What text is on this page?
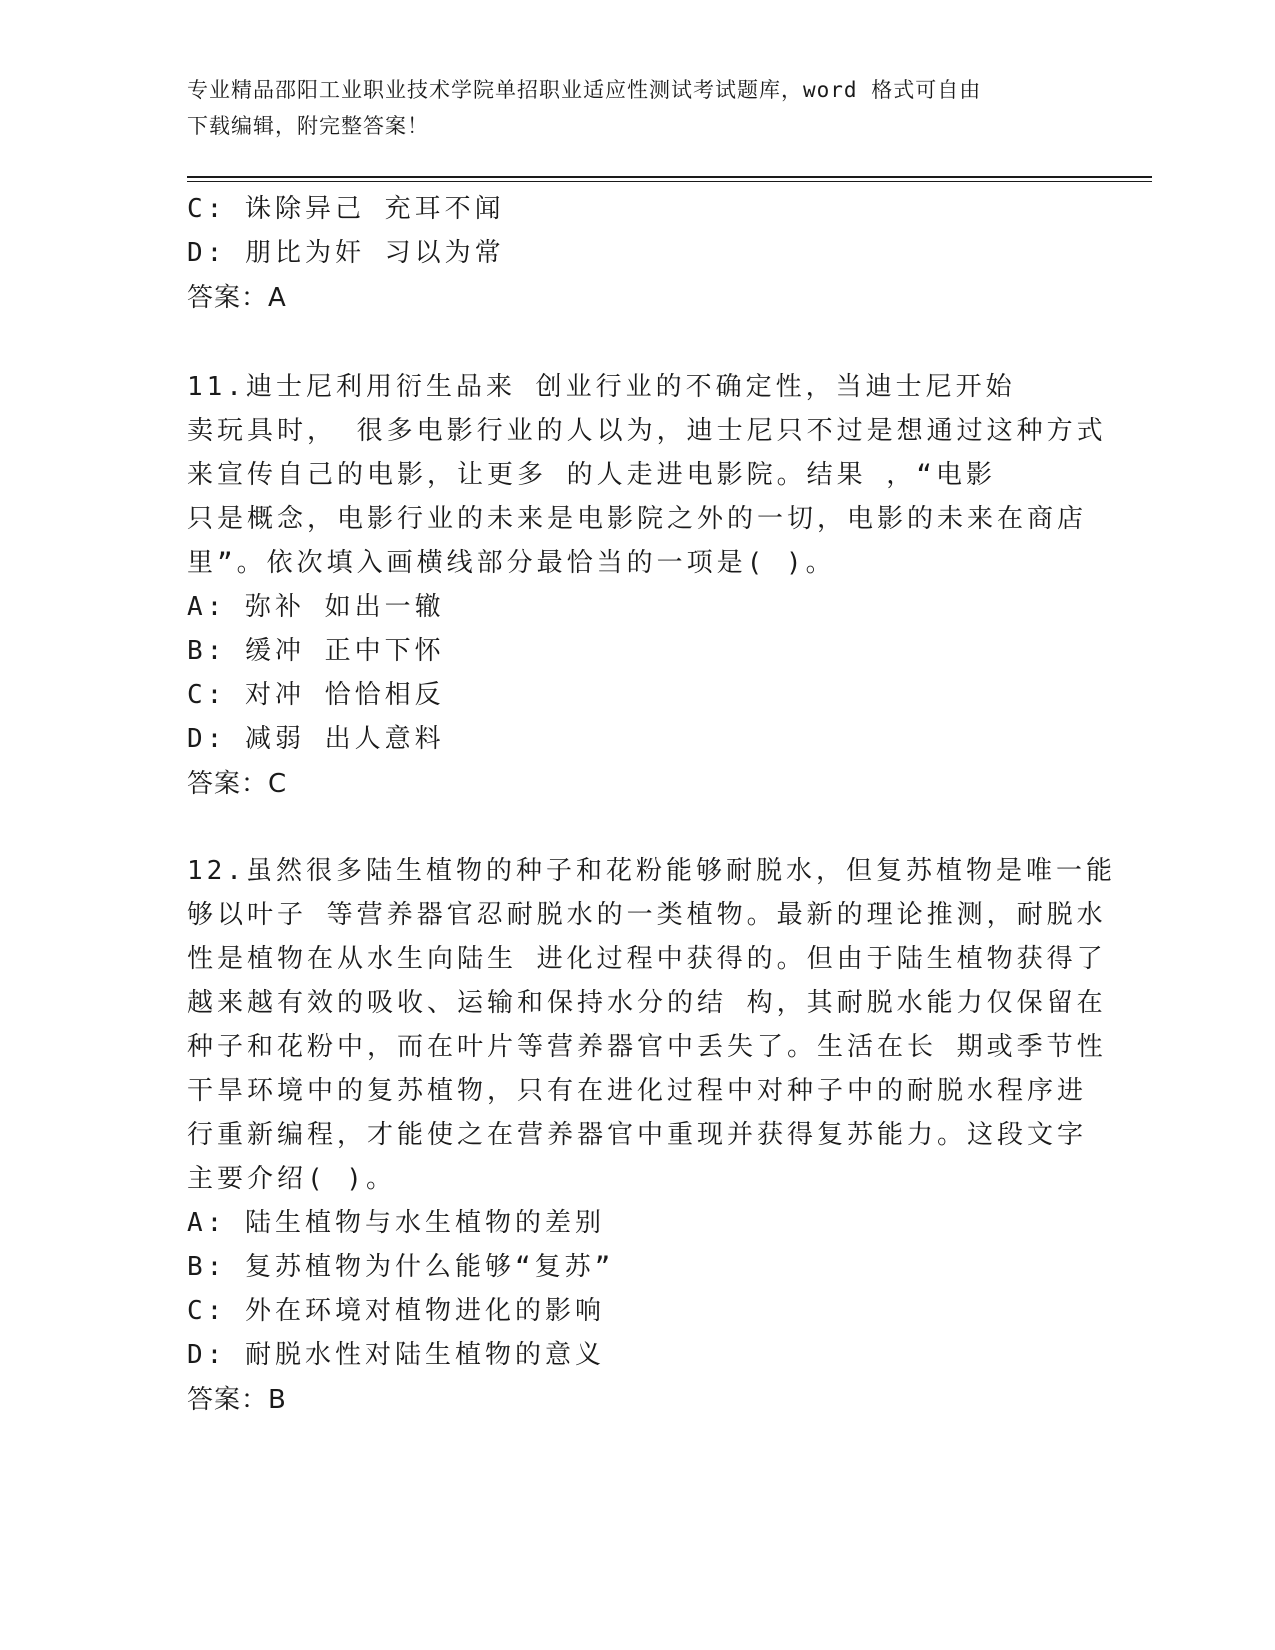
专业精品邵阳工业职业技术学院单招职业适应性测试考试题库，word 格式可自由
下载编辑，附完整答案！
C: 诛除异己 充耳不闻
D: 朋比为奸 习以为常
答案：A
11.迪士尼利用衍生品来 创业行业的不确定性，当迪士尼开始
卖玩具时， 很多电影行业的人以为，迪士尼只不过是想通过这种方式
来宣传自己的电影，让更多 的人走进电影院。结果 ，“电影
只是概念，电影行业的未来是电影院之外的一切，电影的未来在商店
里”。依次填入画横线部分最恰当的一项是( )。
A: 弥补 如出一辙
B: 缓冲 正中下怀
C: 对冲 恰恰相反
D: 减弱 出人意料
答案：C
12.虽然很多陆生植物的种子和花粉能够耐脱水，但复苏植物是唯一能
够以叶子 等营养器官忍耐脱水的一类植物。最新的理论推测，耐脱水
性是植物在从水生向陆生 进化过程中获得的。但由于陆生植物获得了
越来越有效的吸收、运输和保持水分的结 构，其耐脱水能力仅保留在
种子和花粉中，而在叶片等营养器官中丢失了。生活在长 期或季节性
干旱环境中的复苏植物，只有在进化过程中对种子中的耐脱水程序进
行重新编程，才能使之在营养器官中重现并获得复苏能力。这段文字
主要介绍( )。
A: 陆生植物与水生植物的差别
B: 复苏植物为什么能够“复苏”
C: 外在环境对植物进化的影响
D: 耐脱水性对陆生植物的意义
答案：B
